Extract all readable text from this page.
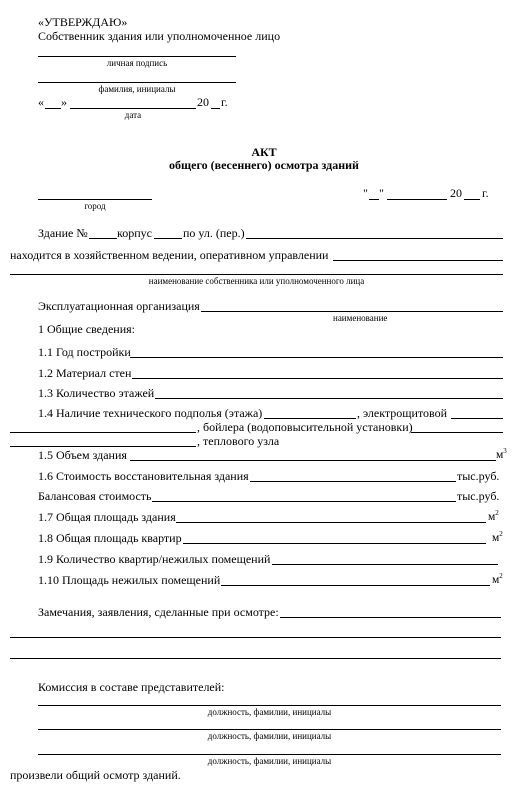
«УТВЕРЖДАЮ»
Собственник здания или уполномоченное лицо
личная подпись
фамилия, инициалы
« »	20 г.
дата
АКТ
общего (весеннего) осмотра зданий
город
" "	20 г.
Здание № корпус	по ул. (пер.)
находится в хозяйственном ведении, оперативном управлении
наименование собственника или уполномоченного лица
Эксплуатационная организация
наименование
1 Общие сведения:
1.1 Год постройки
1.2 Материал стен
1.3 Количество этажей
1.4 Наличие технического подполья (этажа)	, электрощитовой
, бойлера (водоповысительной установки)
, теплового узла
1.5 Объем здания	$м^3$
1.6 Стоимость восстановительная здания	тыс.руб.
Балансовая стоимость	тыс.руб.
1.7 Общая площадь здания	$м^2$
1.8 Общая площадь квартир	$м^2$
1.9 Количество квартир/нежилых помещений
1.10 Площадь нежилых помещений	$м^2$
Замечания, заявления, сделанные при осмотре:
Комиссия в составе представителей:
должность, фамилии, инициалы
должность, фамилии, инициалы
должность, фамилии, инициалы
произвели общий осмотр зданий.
